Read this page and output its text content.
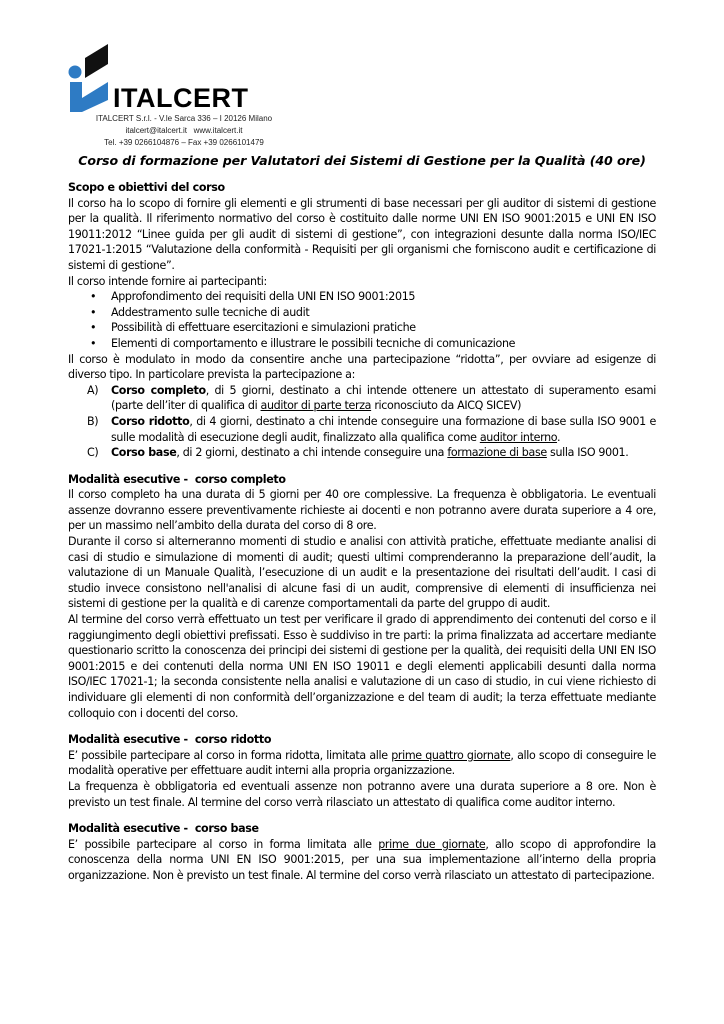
ITALCERT
ITALCERT S.r.l. - V.le Sarca 336 – I 20126 Milano
italcert@italcert.it   www.italcert.it
Tel. +39 0266104876 – Fax +39 0266101479
Corso di formazione per Valutatori dei Sistemi di Gestione per la Qualità (40 ore)

Scopo e obiettivi del corso

Il corso ha lo scopo di fornire gli elementi e gli strumenti di base necessari per gli auditor di sistemi di gestione per la qualità. Il riferimento normativo del corso è costituito dalle norme UNI EN ISO 9001:2015 e UNI EN ISO 19011:2012 “Linee guida per gli audit di sistemi di gestione”, con integrazioni desunte dalla norma ISO/IEC 17021-1:2015 “Valutazione della conformità - Requisiti per gli organismi che forniscono audit e certificazione di sistemi di gestione”.

Il corso intende fornire ai partecipanti:

• Approfondimento dei requisiti della UNI EN ISO 9001:2015
• Addestramento sulle tecniche di audit
• Possibilità di effettuare esercitazioni e simulazioni pratiche
• Elementi di comportamento e illustrare le possibili tecniche di comunicazione

Il corso è modulato in modo da consentire anche una partecipazione “ridotta”, per ovviare ad esigenze di diverso tipo. In particolare prevista la partecipazione a:

A) Corso completo, di 5 giorni, destinato a chi intende ottenere un attestato di superamento esami (parte dell’iter di qualifica di auditor di parte terza riconosciuto da AICQ SICEV)
B) Corso ridotto, di 4 giorni, destinato a chi intende conseguire una formazione di base sulla ISO 9001 e sulle modalità di esecuzione degli audit, finalizzato alla qualifica come auditor interno.
C) Corso base, di 2 giorni, destinato a chi intende conseguire una formazione di base sulla ISO 9001.

Modalità esecutive -  corso completo

Il corso completo ha una durata di 5 giorni per 40 ore complessive. La frequenza è obbligatoria. Le eventuali assenze dovranno essere preventivamente richieste ai docenti e non potranno avere durata superiore a 4 ore, per un massimo nell’ambito della durata del corso di 8 ore.

Durante il corso si alterneranno momenti di studio e analisi con attività pratiche, effettuate mediante analisi di casi di studio e simulazione di momenti di audit; questi ultimi comprenderanno la preparazione dell’audit, la valutazione di un Manuale Qualità, l’esecuzione di un audit e la presentazione dei risultati dell’audit. I casi di studio invece consistono nell'analisi di alcune fasi di un audit, comprensive di elementi di insufficienza nei sistemi di gestione per la qualità e di carenze comportamentali da parte del gruppo di audit.

Al termine del corso verrà effettuato un test per verificare il grado di apprendimento dei contenuti del corso e il raggiungimento degli obiettivi prefissati. Esso è suddiviso in tre parti: la prima finalizzata ad accertare mediante questionario scritto la conoscenza dei principi dei sistemi di gestione per la qualità, dei requisiti della UNI EN ISO 9001:2015 e dei contenuti della norma UNI EN ISO 19011 e degli elementi applicabili desunti dalla norma ISO/IEC 17021-1; la seconda consistente nella analisi e valutazione di un caso di studio, in cui viene richiesto di individuare gli elementi di non conformità dell’organizzazione e del team di audit; la terza effettuate mediante colloquio con i docenti del corso.

Modalità esecutive -  corso ridotto

E’ possibile partecipare al corso in forma ridotta, limitata alle prime quattro giornate, allo scopo di conseguire le modalità operative per effettuare audit interni alla propria organizzazione.

La frequenza è obbligatoria ed eventuali assenze non potranno avere una durata superiore a 8 ore. Non è previsto un test finale. Al termine del corso verrà rilasciato un attestato di qualifica come auditor interno.

Modalità esecutive -  corso base

E’ possibile partecipare al corso in forma limitata alle prime due giornate, allo scopo di approfondire la conoscenza della norma UNI EN ISO 9001:2015, per una sua implementazione all’interno della propria organizzazione. Non è previsto un test finale. Al termine del corso verrà rilasciato un attestato di partecipazione.
